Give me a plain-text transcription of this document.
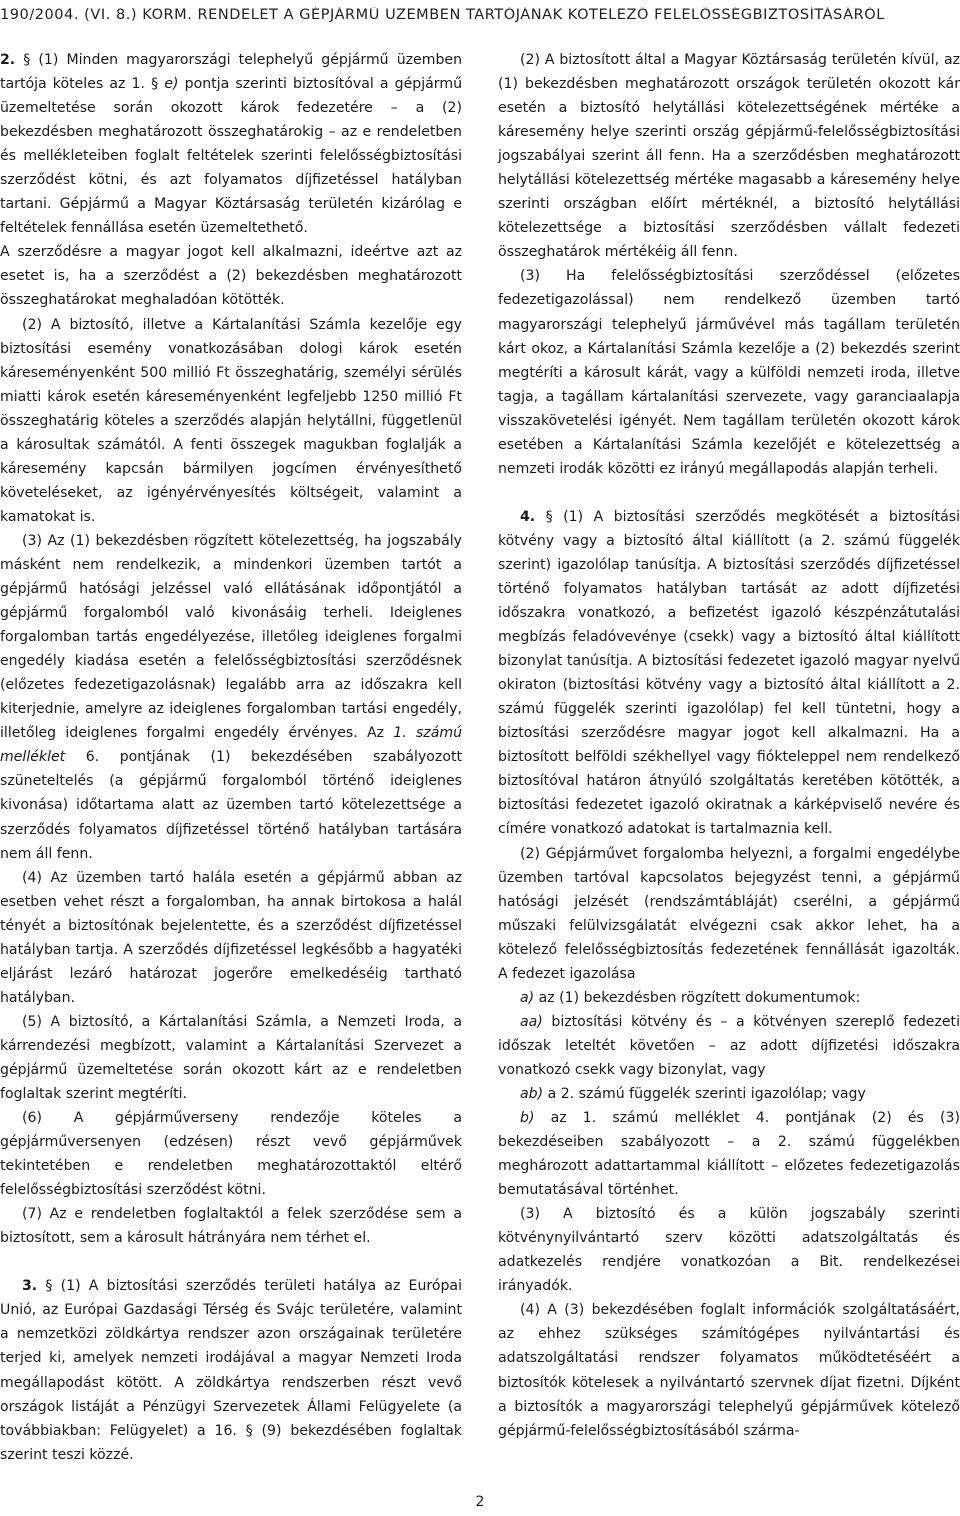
190/2004. (VI. 8.) KORM. RENDELET A GÉPJÁRMŰ ÜZEMBEN TARTÓJÁNAK KÖTELEZŐ FELELŐSSÉGBIZTOSÍTÁSÁRÓL

2. § (1) Minden magyarországi telephelyű gépjármű üzemben tartója köteles az 1. § e) pontja szerinti biztosítóval a gépjármű üzemeltetése során okozott károk fedezetére – a (2) bekezdésben meghatározott összeghatárokig – az e rendeletben és mellékleteiben foglalt feltételek szerinti felelősségbiztosítási szerződést kötni, és azt folyamatos díjfizetéssel hatályban tartani. Gépjármű a Magyar Köztársaság területén kizárólag e feltételek fennállása esetén üzemeltethető.

A szerződésre a magyar jogot kell alkalmazni, ideértve azt az esetet is, ha a szerződést a (2) bekezdésben meghatározott összeghatárokat meghaladóan kötötték.

(2) A biztosító, illetve a Kártalanítási Számla kezelője egy biztosítási esemény vonatkozásában dologi károk esetén káreseményenként 500 millió Ft összeghatárig, személyi sérülés miatti károk esetén káreseményenként legfeljebb 1250 millió Ft összeghatárig köteles a szerződés alapján helytállni, függetlenül a károsultak számától. A fenti összegek magukban foglalják a káresemény kapcsán bármilyen jogcímen érvényesíthető követeléseket, az igényérvényesítés költségeit, valamint a kamatokat is.

(3) Az (1) bekezdésben rögzített kötelezettség, ha jogszabály másként nem rendelkezik, a mindenkori üzemben tartót a gépjármű hatósági jelzéssel való ellátásának időpontjától a gépjármű forgalomból való kivonásáig terheli. Ideiglenes forgalomban tartás engedélyezése, illetőleg ideiglenes forgalmi engedély kiadása esetén a felelősségbiztosítási szerződésnek (előzetes fedezetigazolásnak) legalább arra az időszakra kell kiterjednie, amelyre az ideiglenes forgalomban tartási engedély, illetőleg ideiglenes forgalmi engedély érvényes. Az 1. számú melléklet 6. pontjának (1) bekezdésében szabályozott szüneteltelés (a gépjármű forgalomból történő ideiglenes kivonása) időtartama alatt az üzemben tartó kötelezettsége a szerződés folyamatos díjfizetéssel történő hatályban tartására nem áll fenn.

(4) Az üzemben tartó halála esetén a gépjármű abban az esetben vehet részt a forgalomban, ha annak birtokosa a halál tényét a biztosítónak bejelentette, és a szerződést díjfizetéssel hatályban tartja. A szerződés díjfizetéssel legkésőbb a hagyatéki eljárást lezáró határozat jogerőre emelkedéséig tartható hatályban.

(5) A biztosító, a Kártalanítási Számla, a Nemzeti Iroda, a kárrendezési megbízott, valamint a Kártalanítási Szervezet a gépjármű üzemeltetése során okozott kárt az e rendeletben foglaltak szerint megtéríti.

(6) A gépjárműverseny rendezője köteles a gépjárműversenyen (edzésen) részt vevő gépjárművek tekintetében e rendeletben meghatározottaktól eltérő felelősségbiztosítási szerződést kötni.

(7) Az e rendeletben foglaltaktól a felek szerződése sem a biztosított, sem a károsult hátrányára nem térhet el.

3. § (1) A biztosítási szerződés területi hatálya az Európai Unió, az Európai Gazdasági Térség és Svájc területére, valamint a nemzetközi zöldkártya rendszer azon országainak területére terjed ki, amelyek nemzeti irodájával a magyar Nemzeti Iroda megállapodást kötött. A zöldkártya rendszerben részt vevő országok listáját a Pénzügyi Szervezetek Állami Felügyelete (a továbbiakban: Felügyelet) a 16. § (9) bekezdésében foglaltak szerint teszi közzé.

(2) A biztosított által a Magyar Köztársaság területén kívül, az (1) bekezdésben meghatározott országok területén okozott kár esetén a biztosító helytállási kötelezettségének mértéke a káresemény helye szerinti ország gépjármű-felelősségbiztosítási jogszabályai szerint áll fenn. Ha a szerződésben meghatározott helytállási kötelezettség mértéke magasabb a káresemény helye szerinti országban előírt mértéknél, a biztosító helytállási kötelezettsége a biztosítási szerződésben vállalt fedezeti összeghatárok mértékéig áll fenn.

(3) Ha felelősségbiztosítási szerződéssel (előzetes fedezetigazolással) nem rendelkező üzemben tartó magyarországi telephelyű járművével más tagállam területén kárt okoz, a Kártalanítási Számla kezelője a (2) bekezdés szerint megtéríti a károsult kárát, vagy a külföldi nemzeti iroda, illetve tagja, a tagállam kártalanítási szervezete, vagy garanciaalapja visszakövetelési igényét. Nem tagállam területén okozott károk esetében a Kártalanítási Számla kezelőjét e kötelezettség a nemzeti irodák közötti ez irányú megállapodás alapján terheli.

4. § (1) A biztosítási szerződés megkötését a biztosítási kötvény vagy a biztosító által kiállított (a 2. számú függelék szerint) igazolólap tanúsítja. A biztosítási szerződés díjfizetéssel történő folyamatos hatályban tartását az adott díjfizetési időszakra vonatkozó, a befizetést igazoló készpénzátutalási megbízás feladóvevénye (csekk) vagy a biztosító által kiállított bizonylat tanúsítja. A biztosítási fedezetet igazoló magyar nyelvű okiraton (biztosítási kötvény vagy a biztosító által kiállított a 2. számú függelék szerinti igazolólap) fel kell tüntetni, hogy a biztosítási szerződésre magyar jogot kell alkalmazni. Ha a biztosított belföldi székhellyel vagy fiókteleppel nem rendelkező biztosítóval határon átnyúló szolgáltatás keretében kötötték, a biztosítási fedezetet igazoló okiratnak a kárképviselő nevére és címére vonatkozó adatokat is tartalmaznia kell.

(2) Gépjárművet forgalomba helyezni, a forgalmi engedélybe üzemben tartóval kapcsolatos bejegyzést tenni, a gépjármű hatósági jelzését (rendszámtábláját) cserélni, a gépjármű műszaki felülvizsgálatát elvégezni csak akkor lehet, ha a kötelező felelősségbiztosítás fedezetének fennállását igazolták. A fedezet igazolása

a) az (1) bekezdésben rögzített dokumentumok:

aa) biztosítási kötvény és – a kötvényen szereplő fedezeti időszak leteltét követően – az adott díjfizetési időszakra vonatkozó csekk vagy bizonylat, vagy

ab) a 2. számú függelék szerinti igazolólap; vagy

b) az 1. számú melléklet 4. pontjának (2) és (3) bekezdéseiben szabályozott – a 2. számú függelékben meghározott adattartammal kiállított – előzetes fedezetigazolás bemutatásával történhet.

(3) A biztosító és a külön jogszabály szerinti kötvénynyilvántartó szerv közötti adatszolgáltatás és adatkezelés rendjére vonatkozóan a Bit. rendelkezései irányadók.

(4) A (3) bekezdésében foglalt információk szolgáltatásáért, az ehhez szükséges számítógépes nyilvántartási és adatszolgáltatási rendszer folyamatos működtetéséért a biztosítók kötelesek a nyilvántartó szervnek díjat fizetni. Díjként a biztosítók a magyarországi telephelyű gépjárművek kötelező gépjármű-felelősségbiztosításából szárma-

2
